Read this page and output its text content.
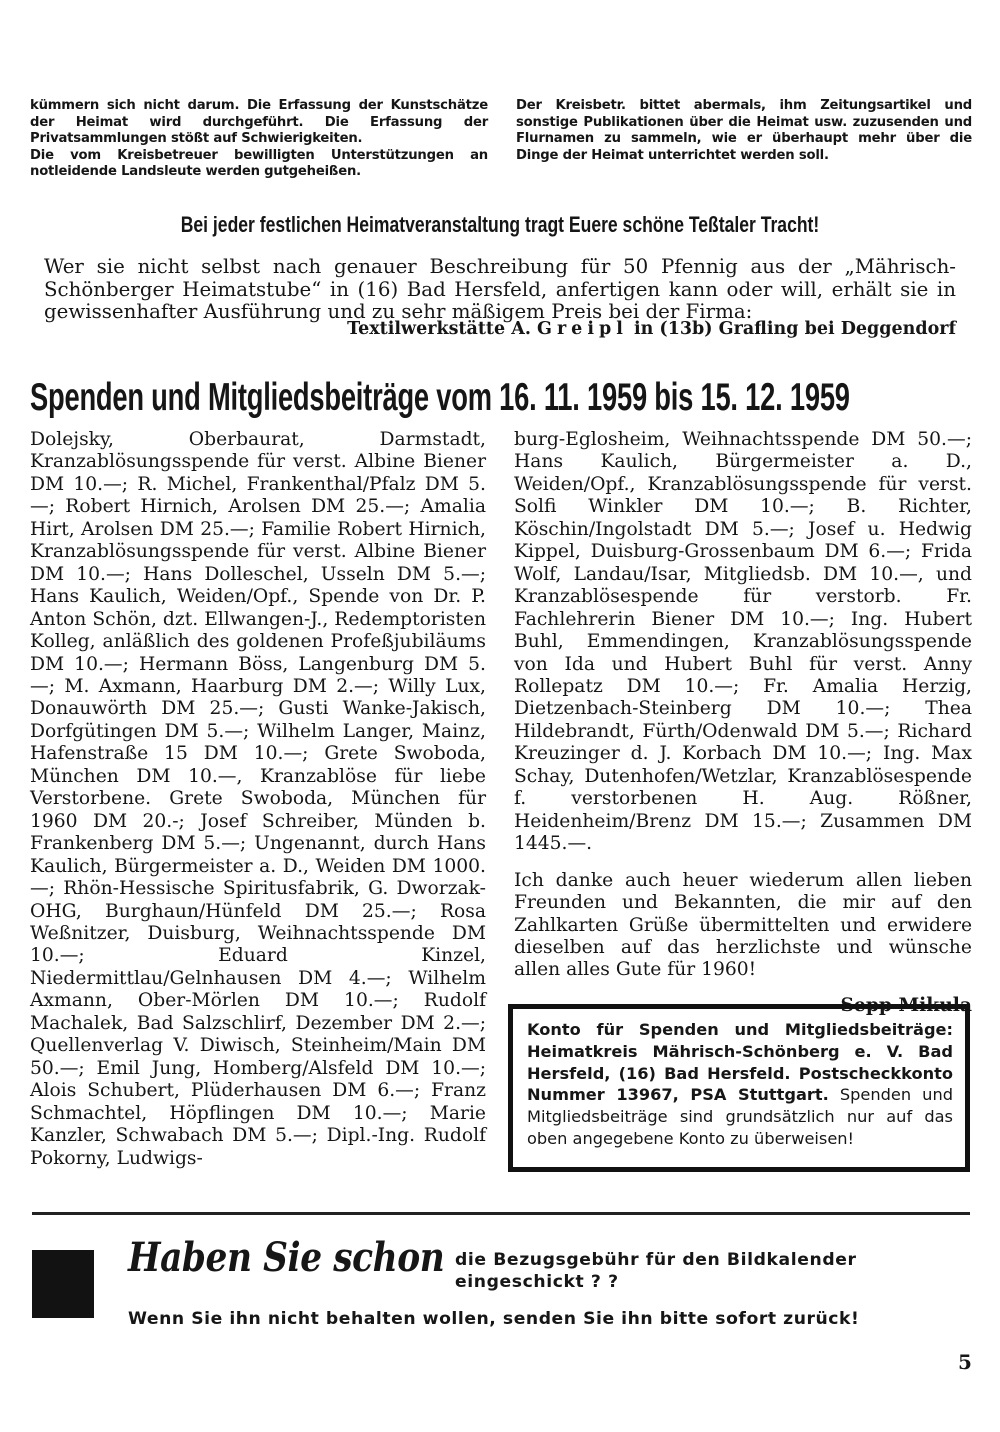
kümmern sich nicht darum. Die Erfassung der Kunstschätze der Heimat wird durchgeführt. Die Erfassung der Privatsammlungen stößt auf Schwierigkeiten.

Die vom Kreisbetreuer bewilligten Unterstützungen an notleidende Landsleute werden gutgeheißen.

Der Kreisbetr. bittet abermals, ihm Zeitungsartikel und sonstige Publikationen über die Heimat usw. zuzusenden und Flurnamen zu sammeln, wie er überhaupt mehr über die Dinge der Heimat unterrichtet werden soll.

Bei jeder festlichen Heimatveranstaltung tragt Euere schöne Teßtaler Tracht!

Wer sie nicht selbst nach genauer Beschreibung für 50 Pfennig aus der „Mährisch-Schönberger Heimatstube“ in (16) Bad Hersfeld, anfertigen kann oder will, erhält sie in gewissenhafter Ausführung und zu sehr mäßigem Preis bei der Firma:

Textilwerkstätte A. Greipl in (13b) Grafling bei Deggendorf
Spenden und Mitgliedsbeiträge vom 16. 11. 1959 bis 15. 12. 1959

Dolejsky, Oberbaurat, Darmstadt, Kranzablösungsspende für verst. Albine Biener DM 10.—; R. Michel, Frankenthal/Pfalz DM 5.—; Robert Hirnich, Arolsen DM 25.—; Amalia Hirt, Arolsen DM 25.—; Familie Robert Hirnich, Kranzablösungsspende für verst. Albine Biener DM 10.—; Hans Dolleschel, Usseln DM 5.—; Hans Kaulich, Weiden/Opf., Spende von Dr. P. Anton Schön, dzt. Ellwangen-J., Redemptoristen Kolleg, anläßlich des goldenen Profeßjubiläums DM 10.—; Hermann Böss, Langenburg DM 5.—; M. Axmann, Haarburg DM 2.—; Willy Lux, Donauwörth DM 25.—; Gusti Wanke-Jakisch, Dorfgütingen DM 5.—; Wilhelm Langer, Mainz, Hafenstraße 15 DM 10.—; Grete Swoboda, München DM 10.—, Kranzablöse für liebe Verstorbene. Grete Swoboda, München für 1960 DM 20.-; Josef Schreiber, Münden b. Frankenberg DM 5.—; Ungenannt, durch Hans Kaulich, Bürgermeister a. D., Weiden DM 1000.—; Rhön-Hessische Spiritusfabrik, G. Dworzak-OHG, Burghaun/Hünfeld DM 25.—; Rosa Weßnitzer, Duisburg, Weihnachtsspende DM 10.—; Eduard Kinzel, Niedermittlau/Gelnhausen DM 4.—; Wilhelm Axmann, Ober-Mörlen DM 10.—; Rudolf Machalek, Bad Salzschlirf, Dezember DM 2.—; Quellenverlag V. Diwisch, Steinheim/Main DM 50.—; Emil Jung, Homberg/Alsfeld DM 10.—; Alois Schubert, Plüderhausen DM 6.—; Franz Schmachtel, Höpflingen DM 10.—; Marie Kanzler, Schwabach DM 5.—; Dipl.-Ing. Rudolf Pokorny, Ludwigs-

burg-Eglosheim, Weihnachtsspende DM 50.—; Hans Kaulich, Bürgermeister a. D., Weiden/Opf., Kranzablösungsspende für verst. Solfi Winkler DM 10.—; B. Richter, Köschin/Ingolstadt DM 5.—; Josef u. Hedwig Kippel, Duisburg-Grossenbaum DM 6.—; Frida Wolf, Landau/Isar, Mitgliedsb. DM 10.—, und Kranzablösespende für verstorb. Fr. Fachlehrerin Biener DM 10.—; Ing. Hubert Buhl, Emmendingen, Kranzablösungsspende von Ida und Hubert Buhl für verst. Anny Rollepatz DM 10.—; Fr. Amalia Herzig, Dietzenbach-Steinberg DM 10.—; Thea Hildebrandt, Fürth/Odenwald DM 5.—; Richard Kreuzinger d. J. Korbach DM 10.—; Ing. Max Schay, Dutenhofen/Wetzlar, Kranzablösespende f. verstorbenen H. Aug. Rößner, Heidenheim/Brenz DM 15.—; Zusammen DM 1445.—.

Ich danke auch heuer wiederum allen lieben Freunden und Bekannten, die mir auf den Zahlkarten Grüße übermittelten und erwidere dieselben auf das herzlichste und wünsche allen alles Gute für 1960!

Sepp Mikula
Konto für Spenden und Mitgliedsbeiträge: Heimatkreis Mährisch-Schönberg e. V. Bad Hersfeld, (16) Bad Hersfeld. Postscheckkonto Nummer 13967, PSA Stuttgart. Spenden und Mitgliedsbeiträge sind grundsätzlich nur auf das oben angegebene Konto zu überweisen!
Haben Sie schon die Bezugsgebühr für den Bildkalender
eingeschickt ? ?
Wenn Sie ihn nicht behalten wollen, senden Sie ihn bitte sofort zurück!
5
